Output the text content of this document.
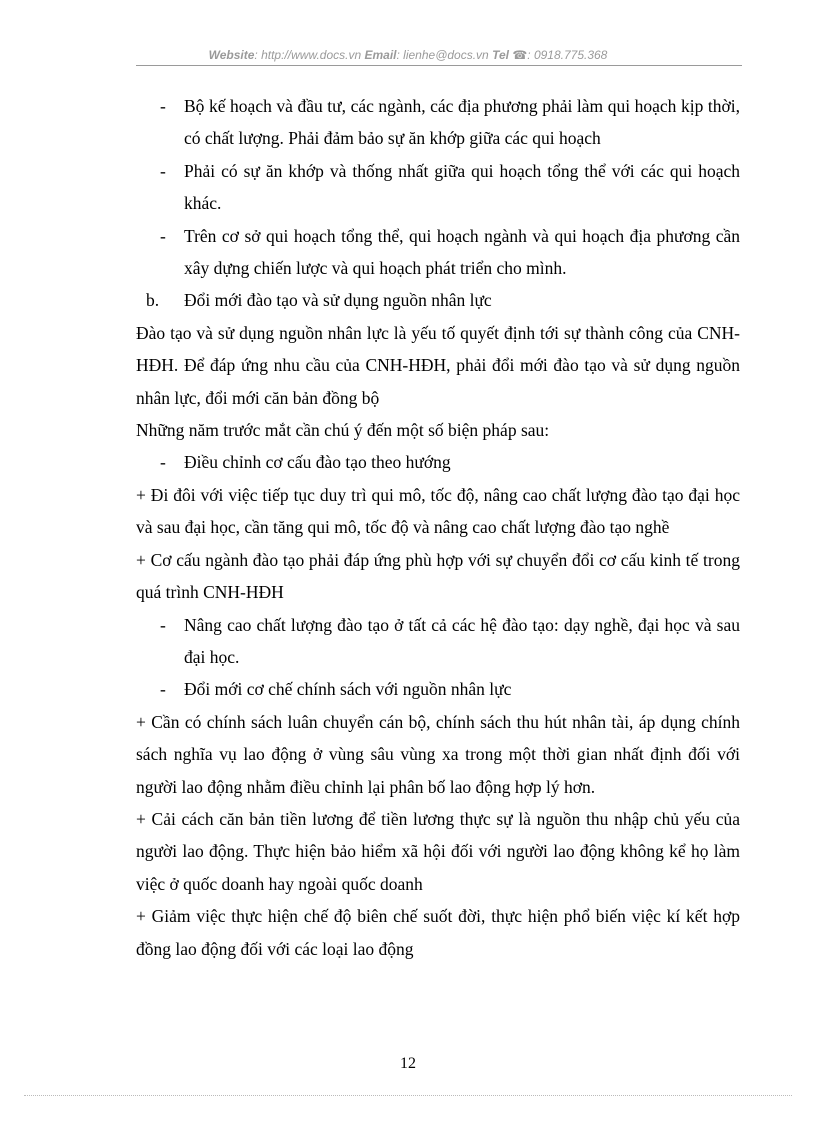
Website: http://www.docs.vn Email: lienhe@docs.vn Tel ☎: 0918.775.368

- Bộ kế hoạch và đầu tư, các ngành, các địa phương phải làm qui hoạch kịp thời, có chất lượng. Phải đảm bảo sự ăn khớp giữa các qui hoạch

- Phải có sự ăn khớp và thống nhất giữa qui hoạch tổng thể với các qui hoạch khác.

- Trên cơ sở qui hoạch tổng thể, qui hoạch ngành và qui hoạch địa phương cần xây dựng chiến lược và qui hoạch phát triển cho mình.

b. Đổi mới đào tạo và sử dụng nguồn nhân lực

Đào tạo và sử dụng nguồn nhân lực là yếu tố quyết định tới sự thành công của CNH-HĐH. Để đáp ứng nhu cầu của CNH-HĐH, phải đổi mới đào tạo và sử dụng nguồn nhân lực, đổi mới căn bản đồng bộ

Những năm trước mắt cần chú ý đến một số biện pháp sau:

- Điều chỉnh cơ cấu đào tạo theo hướng

+ Đi đôi với việc tiếp tục duy trì qui mô, tốc độ, nâng cao chất lượng đào tạo đại học và sau đại học, cần tăng qui mô, tốc độ và nâng cao chất lượng đào tạo nghề

+ Cơ cấu ngành đào tạo phải đáp ứng phù hợp với sự chuyển đổi cơ cấu kinh tế trong quá trình CNH-HĐH

- Nâng cao chất lượng đào tạo ở tất cả các hệ đào tạo: dạy nghề, đại học và sau đại học.

- Đổi mới cơ chế chính sách với nguồn nhân lực

+ Cần có chính sách luân chuyển cán bộ, chính sách thu hút nhân tài, áp dụng chính sách nghĩa vụ lao động ở vùng sâu vùng xa trong một thời gian nhất định đối với người lao động nhằm điều chỉnh lại phân bố lao động hợp lý hơn.

+ Cải cách căn bản tiền lương để tiền lương thực sự là nguồn thu nhập chủ yếu của người lao động. Thực hiện bảo hiểm xã hội đối với người lao động không kể họ làm việc ở quốc doanh hay ngoài quốc doanh

+ Giảm việc thực hiện chế độ biên chế suốt đời, thực hiện phổ biến việc kí kết hợp đồng lao động đối với các loại lao động

12
